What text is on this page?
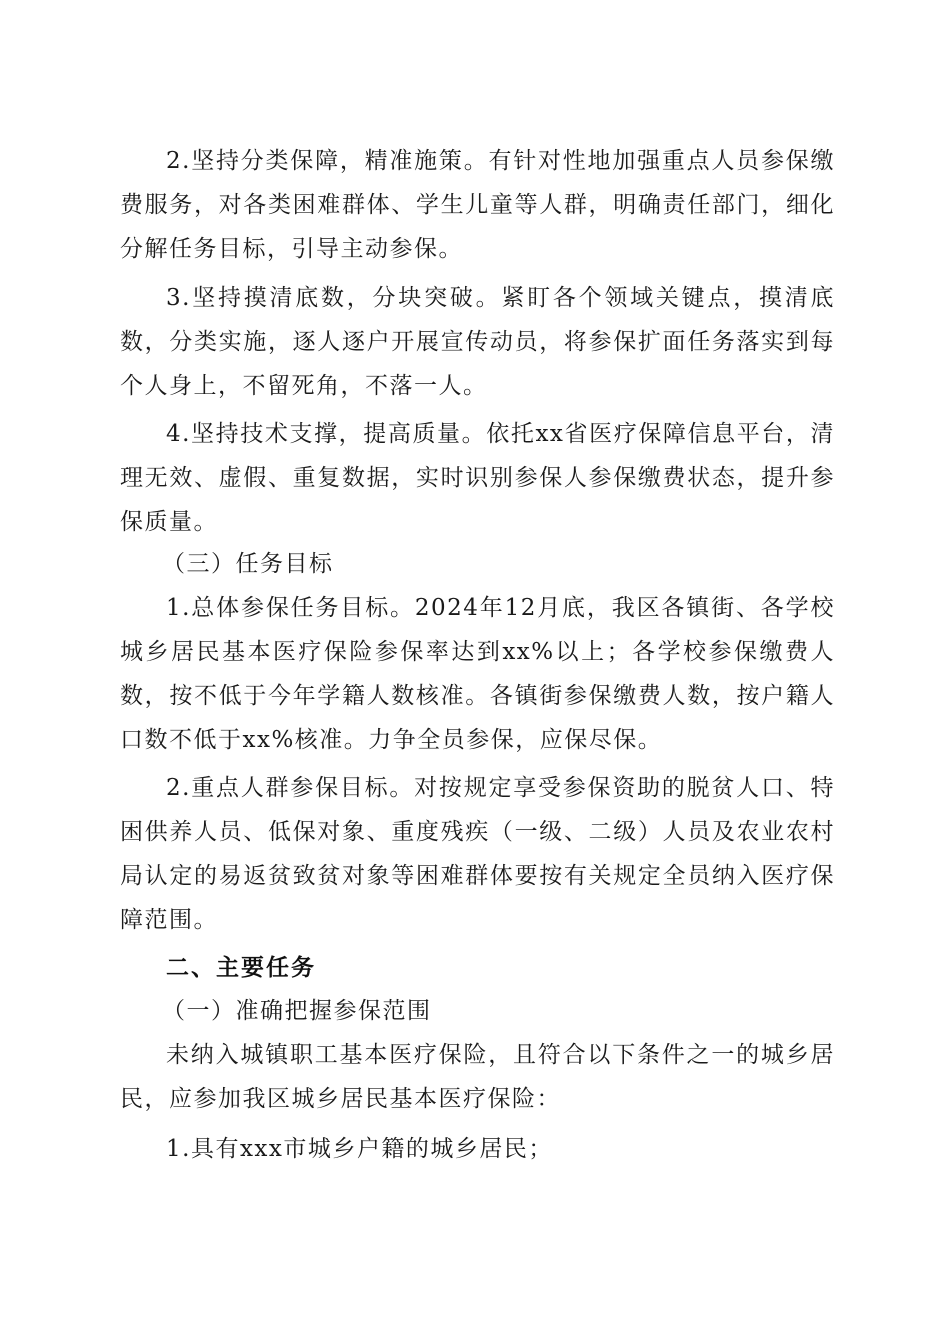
2.坚持分类保障，精准施策。有针对性地加强重点人员参保缴费服务，对各类困难群体、学生儿童等人群，明确责任部门，细化分解任务目标，引导主动参保。

3.坚持摸清底数，分块突破。紧盯各个领域关键点，摸清底数，分类实施，逐人逐户开展宣传动员，将参保扩面任务落实到每个人身上，不留死角，不落一人。

4.坚持技术支撑，提高质量。依托xx省医疗保障信息平台，清理无效、虚假、重复数据，实时识别参保人参保缴费状态，提升参保质量。

（三）任务目标

1.总体参保任务目标。2024年12月底，我区各镇街、各学校城乡居民基本医疗保险参保率达到xx%以上；各学校参保缴费人数，按不低于今年学籍人数核准。各镇街参保缴费人数，按户籍人口数不低于xx%核准。力争全员参保，应保尽保。

2.重点人群参保目标。对按规定享受参保资助的脱贫人口、特困供养人员、低保对象、重度残疾（一级、二级）人员及农业农村局认定的易返贫致贫对象等困难群体要按有关规定全员纳入医疗保障范围。

二、主要任务

（一）准确把握参保范围

未纳入城镇职工基本医疗保险，且符合以下条件之一的城乡居民，应参加我区城乡居民基本医疗保险：

1.具有xxx市城乡户籍的城乡居民；
